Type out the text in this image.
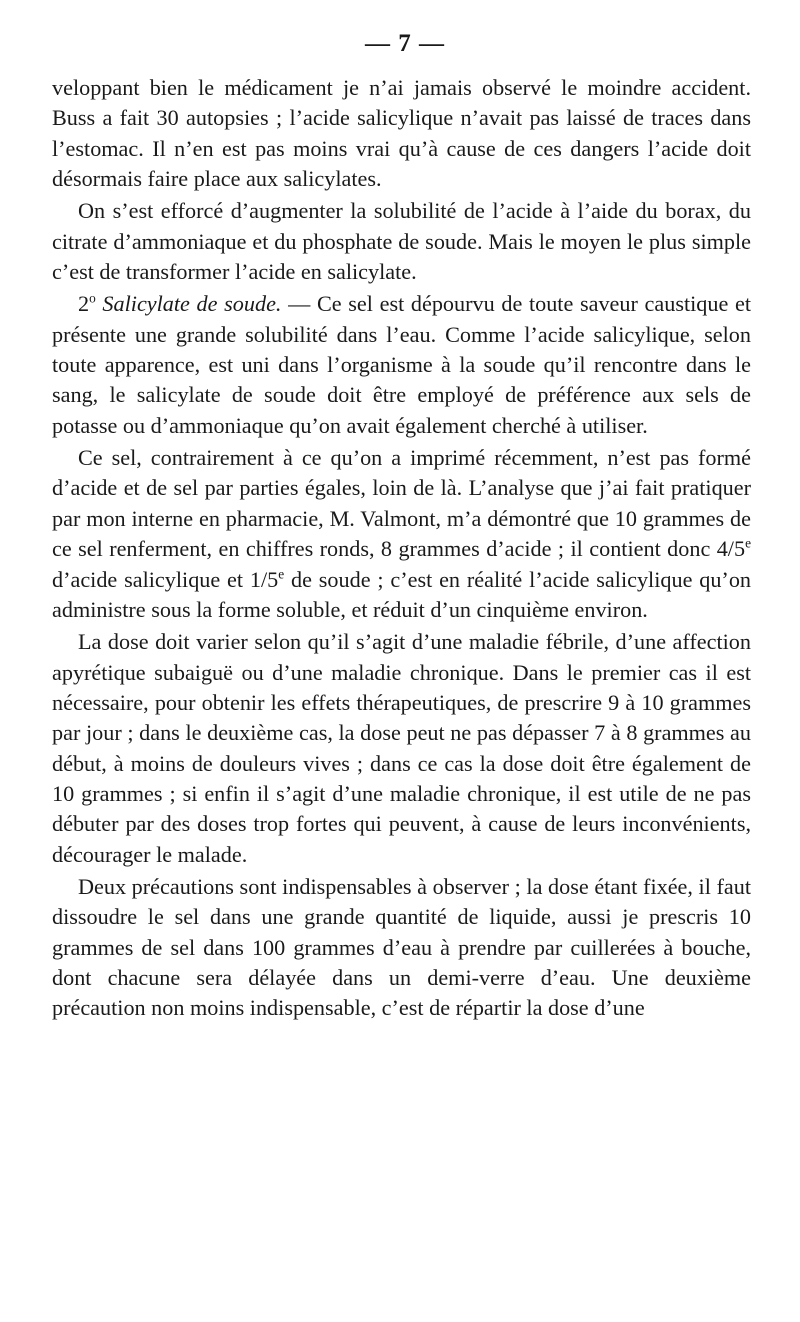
— 7 —

veloppant bien le médicament je n’ai jamais observé le moindre accident. Buss a fait 30 autopsies ; l’acide salicylique n’avait pas laissé de traces dans l’estomac. Il n’en est pas moins vrai qu’à cause de ces dangers l’acide doit désormais faire place aux salicylates.

On s’est efforcé d’augmenter la solubilité de l’acide à l’aide du borax, du citrate d’ammoniaque et du phosphate de soude. Mais le moyen le plus simple c’est de transformer l’acide en salicylate.

2$^o$ Salicylate de soude. — Ce sel est dépourvu de toute saveur caustique et présente une grande solubilité dans l’eau. Comme l’acide salicylique, selon toute apparence, est uni dans l’organisme à la soude qu’il rencontre dans le sang, le salicylate de soude doit être employé de préférence aux sels de potasse ou d’ammoniaque qu’on avait également cherché à utiliser.

Ce sel, contrairement à ce qu’on a imprimé récemment, n’est pas formé d’acide et de sel par parties égales, loin de là. L’analyse que j’ai fait pratiquer par mon interne en pharmacie, M. Valmont, m’a démontré que 10 grammes de ce sel renferment, en chiffres ronds, 8 grammes d’acide ; il contient donc 4/5e d’acide salicylique et 1/5e de soude ; c’est en réalité l’acide salicylique qu’on administre sous la forme soluble, et réduit d’un cinquième environ.

La dose doit varier selon qu’il s’agit d’une maladie fébrile, d’une affection apyrétique subaiguë ou d’une maladie chronique. Dans le premier cas il est nécessaire, pour obtenir les effets thérapeutiques, de prescrire 9 à 10 grammes par jour ; dans le deuxième cas, la dose peut ne pas dépasser 7 à 8 grammes au début, à moins de douleurs vives ; dans ce cas la dose doit être également de 10 grammes ; si enfin il s’agit d’une maladie chronique, il est utile de ne pas débuter par des doses trop fortes qui peuvent, à cause de leurs inconvénients, décourager le malade.

Deux précautions sont indispensables à observer ; la dose étant fixée, il faut dissoudre le sel dans une grande quantité de liquide, aussi je prescris 10 grammes de sel dans 100 grammes d’eau à prendre par cuillerées à bouche, dont chacune sera délayée dans un demi-verre d’eau. Une deuxième précaution non moins indispensable, c’est de répartir la dose d’une
